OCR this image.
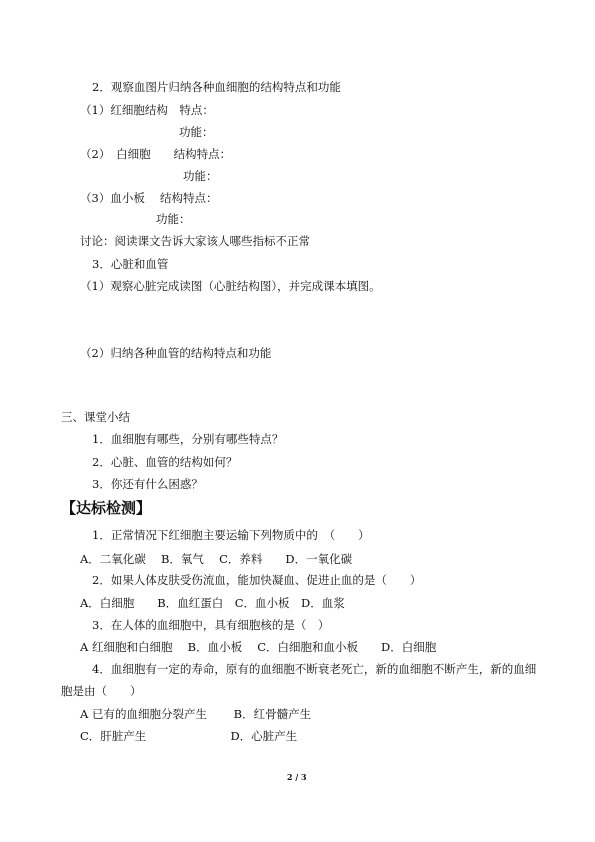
2．观察血图片归纳各种血细胞的结构特点和功能
（1）红细胞结构　特点：
功能：
（2）　白细胞　　结构特点：
功能：
（3）血小板　 结构特点：
功能：
讨论：阅读课文告诉大家该人哪些指标不正常
3．心脏和血管
（1）观察心脏完成读图（心脏结构图），并完成课本填图。
（2）归纳各种血管的结构特点和功能
三、课堂小结
1．血细胞有哪些，分别有哪些特点？
2．心脏、血管的结构如何？
3．你还有什么困惑？
【达标检测】
1．正常情况下红细胞主要运输下列物质中的　（　　）
A．二氧化碳　 B．氧气　 C．养料　　D．一氧化碳
2．如果人体皮肤受伤流血，能加快凝血、促进止血的是（　　）
A．白细胞　　B．血红蛋白　C．血小板　D．血浆
3．在人体的血细胞中，具有细胞核的是（　）
A 红细胞和白细胞　 B．血小板　 C．白细胞和血小板　　D．白细胞
4．血细胞有一定的寿命，原有的血细胞不断衰老死亡，新的血细胞不断产生，新的血细
胞是由（　　）
A 已有的血细胞分裂产生　　 B．红骨髓产生
C．肝脏产生　　　　　　　 D．心脏产生
2 / 3
